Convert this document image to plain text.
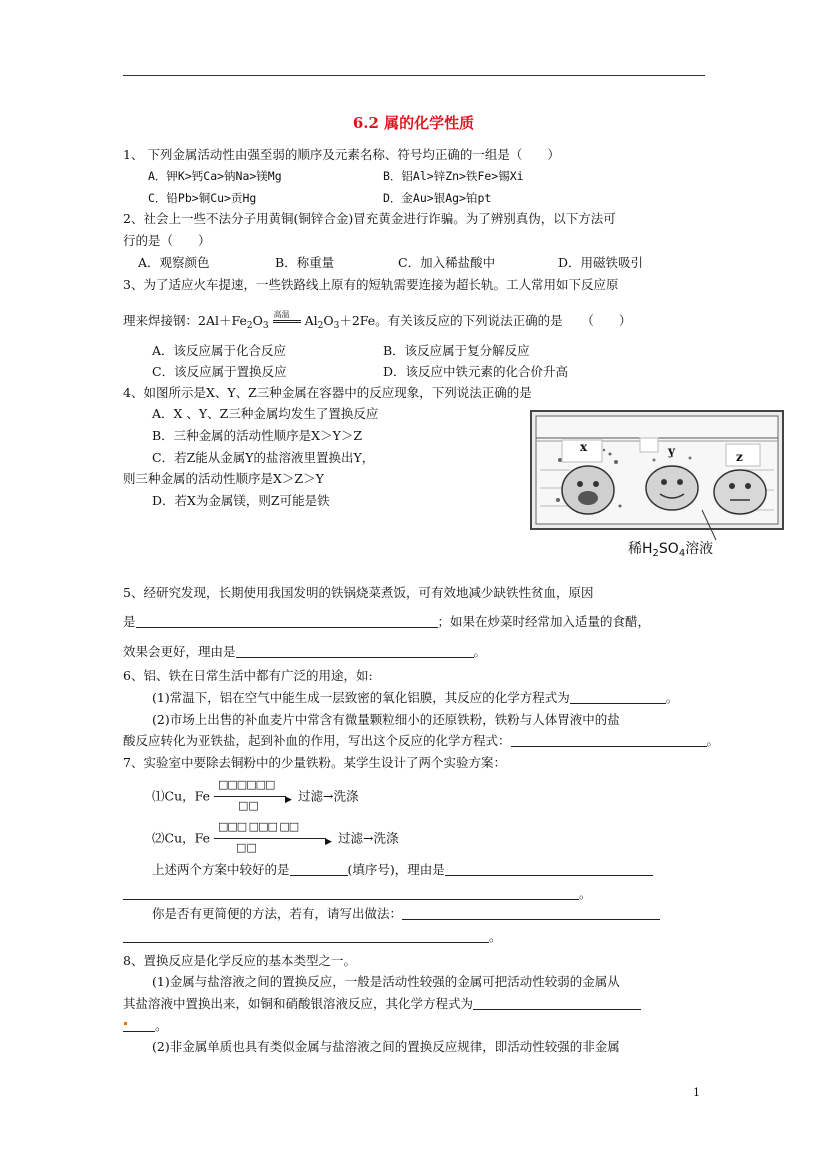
6.2 属的化学性质
1、 下列金属活动性由强至弱的顺序及元素名称、符号均正确的一组是（　　）
A．钾K>钙Ca>钠Na>镁Mg	B．铝Al>锌Zn>铁Fe>锡Xi
C．铅Pb>铜Cu>贡Hg	D．金Au>银Ag>铂pt
2、社会上一些不法分子用黄铜(铜锌合金)冒充黄金进行诈骗。为了辨别真伪，以下方法可
行的是（　　）
A．观察颜色	B．称重量	C．加入稀盐酸中	D．用磁铁吸引
3、为了适应火车提速，一些铁路线上原有的短轨需要连接为超长轨。工人常用如下反应原
理来焊接钢：$2Al+Fe_2O_3$
高温 $Al_2O_3+2Fe$。有关该反应的下列说法正确的是　　（　　）
A．该反应属于化合反应	B．该反应属于复分解反应
C．该反应属于置换反应	D．该反应中铁元素的化合价升高
4、如图所示是X、Y、Z三种金属在容器中的反应现象，下列说法正确的是
A．X 、Y、Z三种金属均发生了置换反应
B．三种金属的活动性顺序是X＞Y＞Z
C．若Z能从金属Y的盐溶液里置换出Y，
则三种金属的活动性顺序是X＞Z＞Y
D．若X为金属镁，则Z可能是铁
x	y	z
稀$H_2SO_4$溶液
5、经研究发现，长期使用我国发明的铁锅烧菜煮饭，可有效地减少缺铁性贫血，原因
是	；如果在炒菜时经常加入适量的食醋，
效果会更好，理由是	。
6、铝、铁在日常生活中都有广泛的用途，如:
(1)常温下，铝在空气中能生成一层致密的氧化铝膜，其反应的化学方程式为	。
(2)市场上出售的补血麦片中常含有微量颗粒细小的还原铁粉，铁粉与人体胃液中的盐
酸反应转化为亚铁盐，起到补血的作用，写出这个反应的化学方程式：	。
7、实验室中要除去铜粉中的少量铁粉。某学生设计了两个实验方案：
⑴Cu，Fe
□□□□□□
▶
□□
过滤→洗涤
⑵Cu，Fe
□□□ □□□ □□
▶
□□
过滤→洗涤
上述两个方案中较好的是	(填序号)，理由是
。
你是否有更简便的方法，若有，请写出做法：
。
8、置换反应是化学反应的基本类型之一。
(1)金属与盐溶液之间的置换反应，一般是活动性较强的金属可把活动性较弱的金属从
其盐溶液中置换出来，如铜和硝酸银溶液反应，其化学方程式为
。
(2)非金属单质也具有类似金属与盐溶液之间的置换反应规律，即活动性较强的非金属
1
